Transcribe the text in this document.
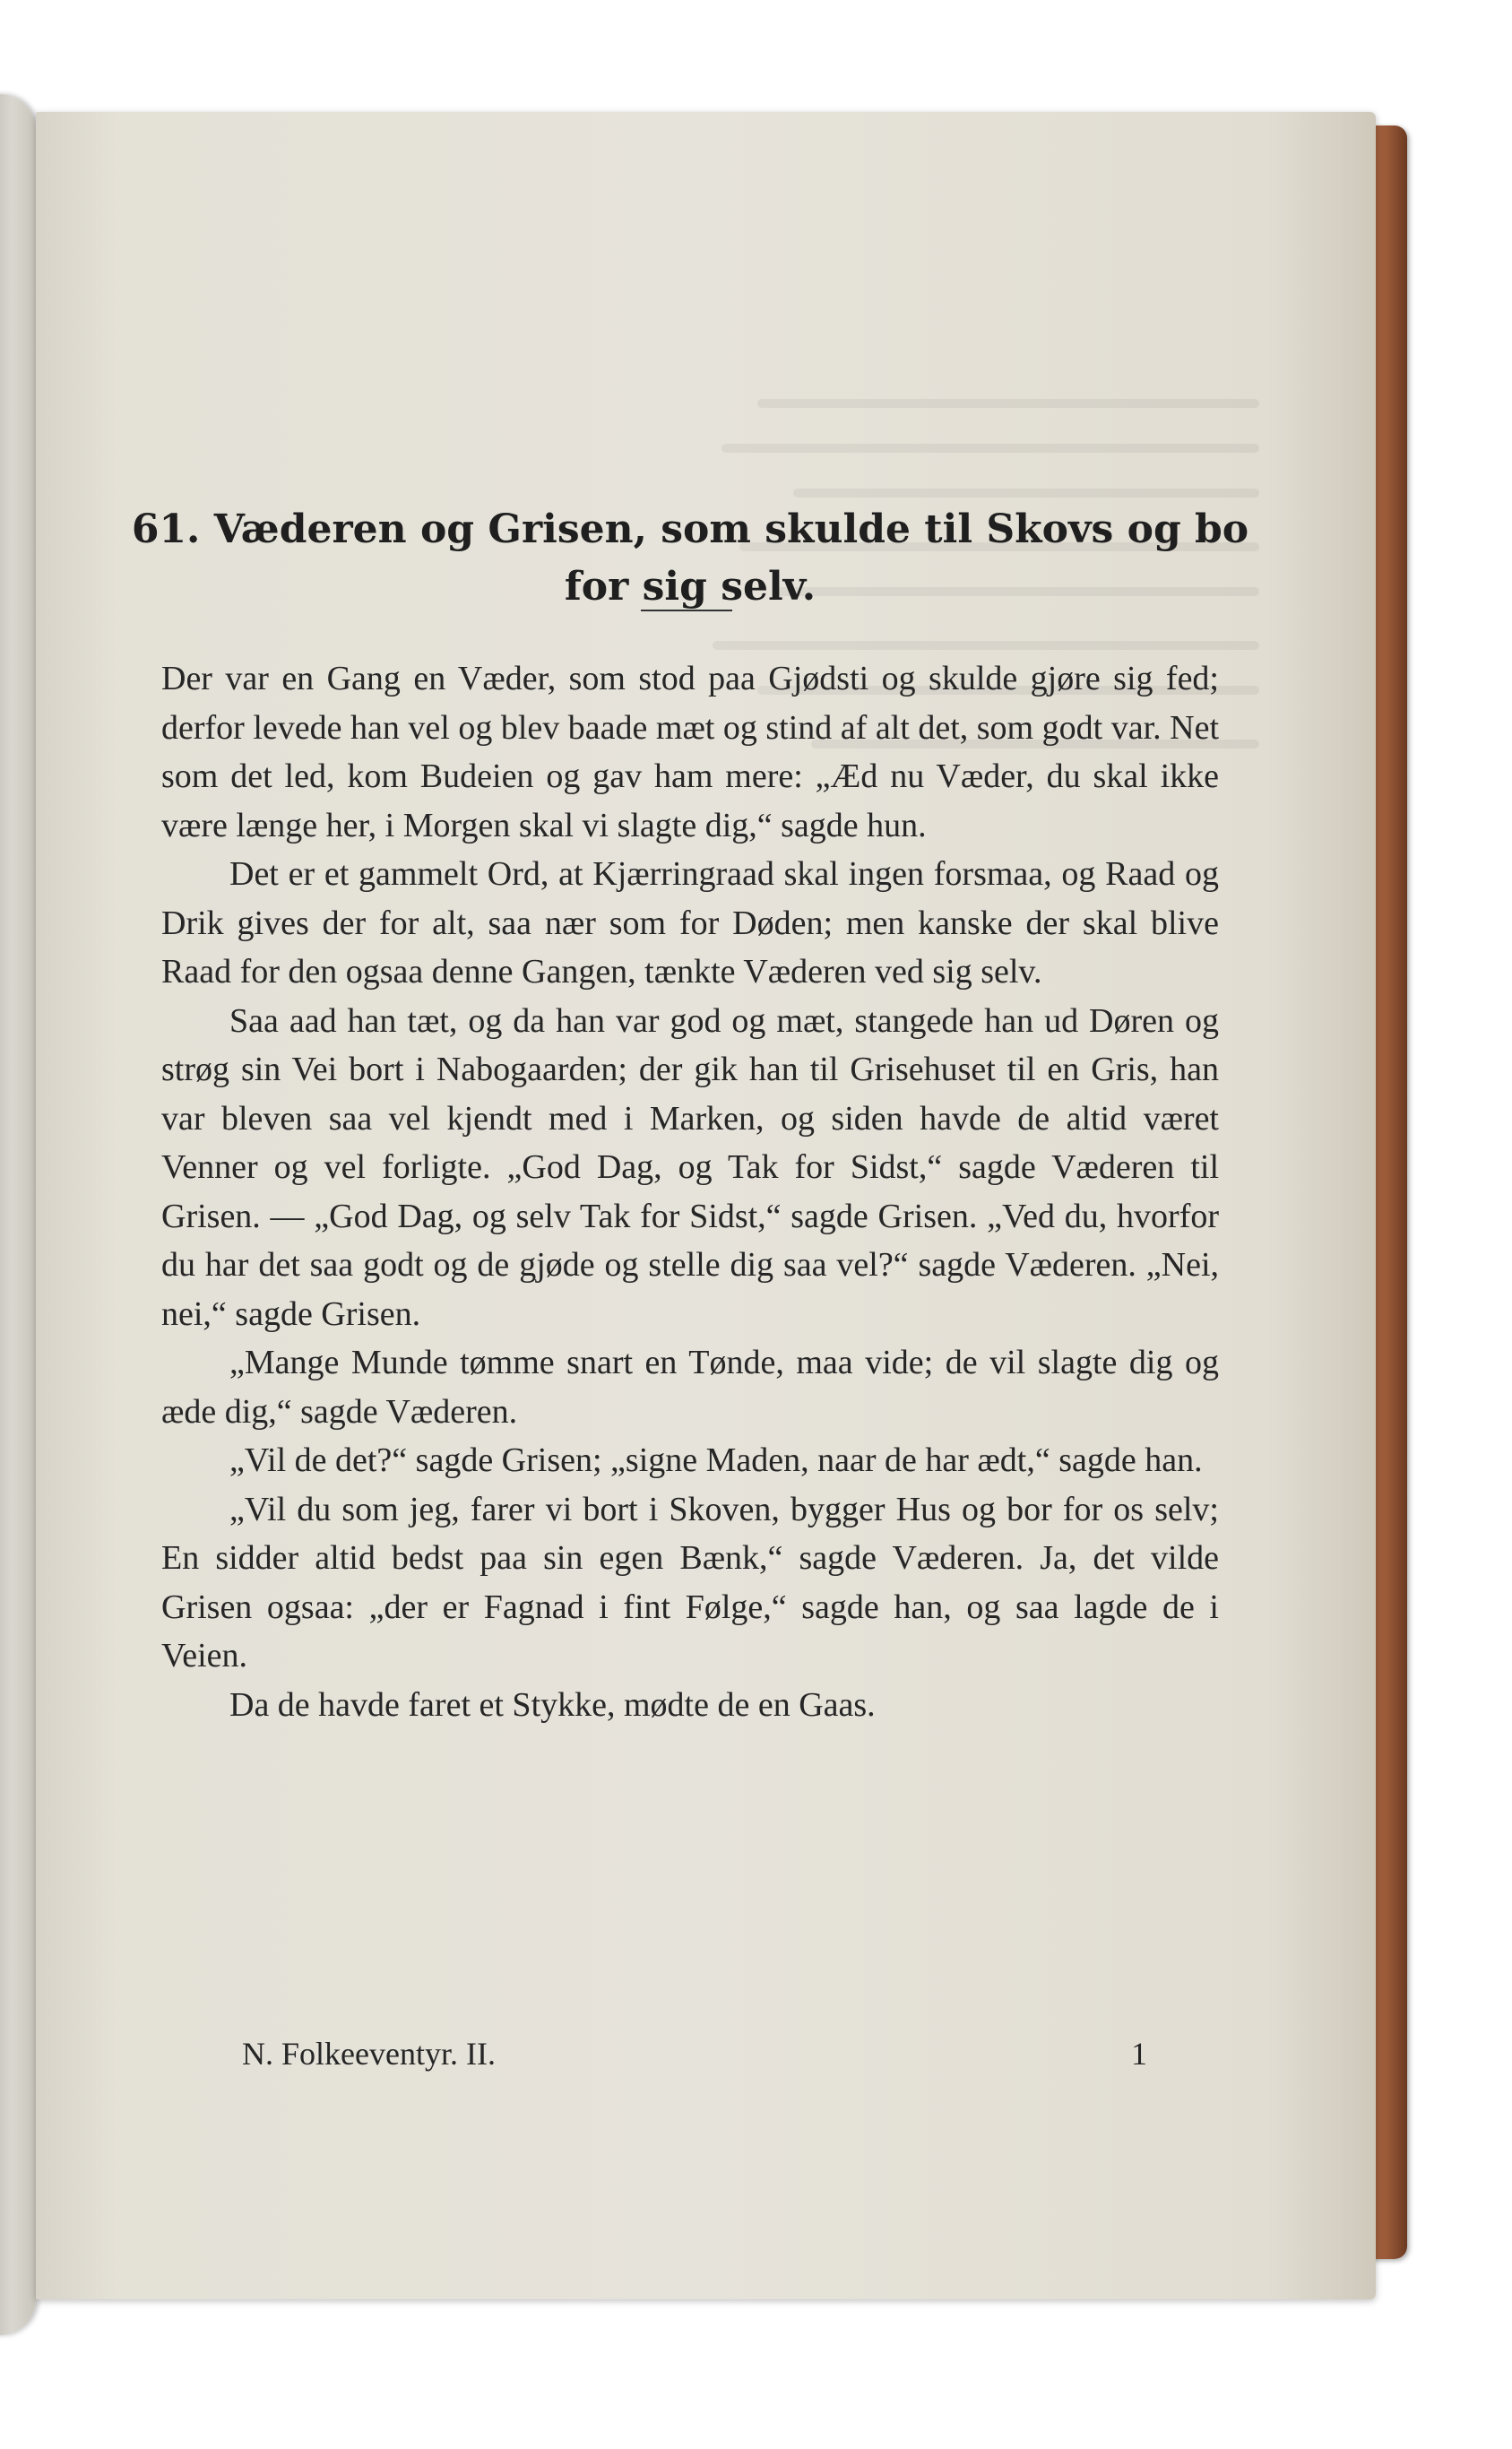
61. Væderen og Grisen, som skulde til Skovs og bo for sig selv.

Der var en Gang en Væder, som stod paa Gjødsti og skulde gjøre sig fed; derfor levede han vel og blev baade mæt og stind af alt det, som godt var. Net som det led, kom Budeien og gav ham mere: „Æd nu Væder, du skal ikke være længe her, i Morgen skal vi slagte dig,“ sagde hun.

Det er et gammelt Ord, at Kjærringraad skal ingen forsmaa, og Raad og Drik gives der for alt, saa nær som for Døden; men kanske der skal blive Raad for den ogsaa denne Gangen, tænkte Væderen ved sig selv.

Saa aad han tæt, og da han var god og mæt, stangede han ud Døren og strøg sin Vei bort i Nabogaarden; der gik han til Grisehuset til en Gris, han var bleven saa vel kjendt med i Marken, og siden havde de altid været Venner og vel forligte. „God Dag, og Tak for Sidst,“ sagde Væderen til Grisen. — „God Dag, og selv Tak for Sidst,“ sagde Grisen. „Ved du, hvorfor du har det saa godt og de gjøde og stelle dig saa vel?“ sagde Væderen. „Nei, nei,“ sagde Grisen.

„Mange Munde tømme snart en Tønde, maa vide; de vil slagte dig og æde dig,“ sagde Væderen.

„Vil de det?“ sagde Grisen; „signe Maden, naar de har ædt,“ sagde han.

„Vil du som jeg, farer vi bort i Skoven, bygger Hus og bor for os selv; En sidder altid bedst paa sin egen Bænk,“ sagde Væderen. Ja, det vilde Grisen ogsaa: „der er Fagnad i fint Følge,“ sagde han, og saa lagde de i Veien.

Da de havde faret et Stykke, mødte de en Gaas.

N. Folkeeventyr. II.	1
